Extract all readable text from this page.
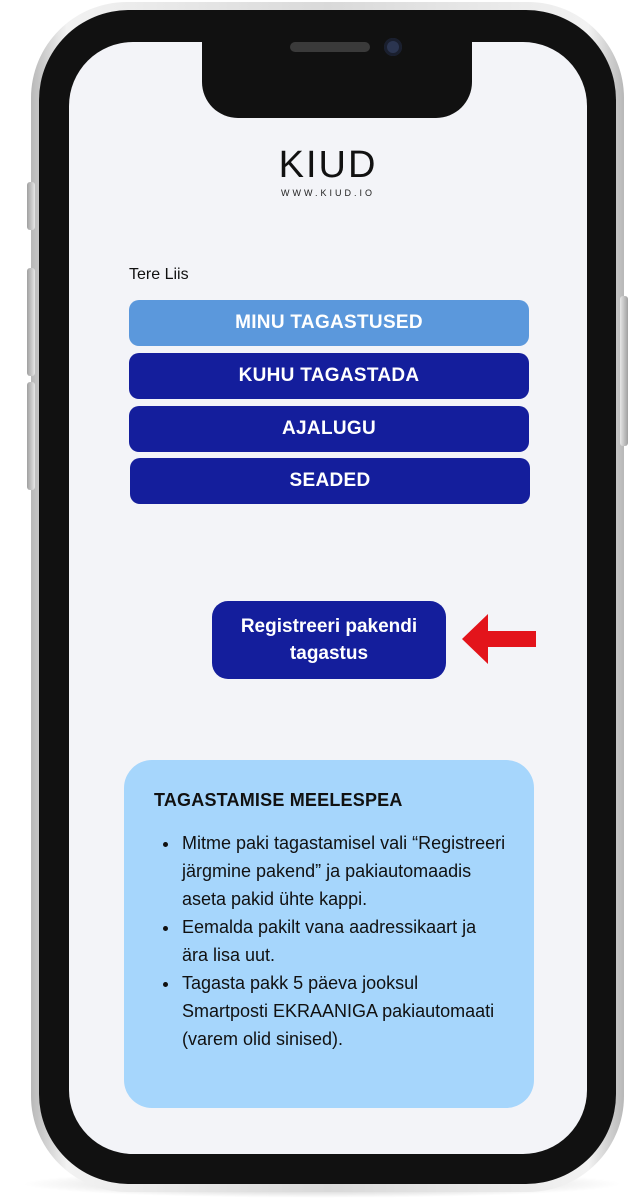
KIUD
WWW.KIUD.IO
Tere Liis
MINU TAGASTUSED
KUHU TAGASTADA
AJALUGU
SEADED
Registreeri pakendi tagastus
TAGASTAMISE MEELESPEA
• Mitme paki tagastamisel vali “Registreeri järgmine pakend” ja pakiautomaadis aseta pakid ühte kappi.
• Eemalda pakilt vana aadressikaart ja ära lisa uut.
• Tagasta pakk 5 päeva jooksul Smartposti EKRAANIGA pakiautomaati (varem olid sinised).
